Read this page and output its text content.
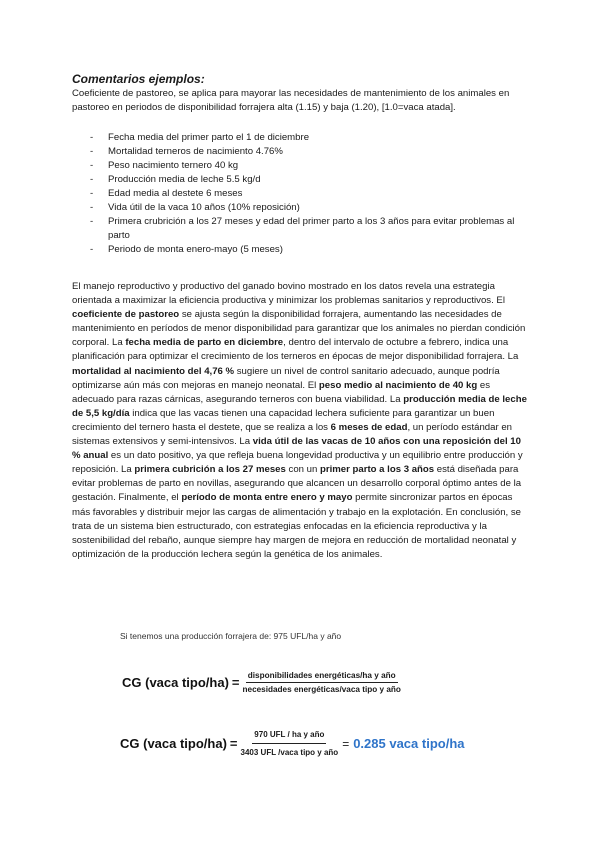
Comentarios ejemplos:
Coeficiente de pastoreo, se aplica para mayorar las necesidades de mantenimiento de los animales en pastoreo en periodos de disponibilidad forrajera alta (1.15) y baja (1.20), [1.0=vaca atada].
- Fecha media del primer parto el 1 de diciembre
- Mortalidad terneros de nacimiento 4.76%
- Peso nacimiento ternero 40 kg
- Producción media de leche 5.5 kg/d
- Edad media al destete 6 meses
- Vida útil de la vaca 10 años (10% reposición)
- Primera crubrición a los 27 meses y edad del primer parto a los 3 años para evitar problemas al parto
- Periodo de monta enero-mayo (5 meses)
El manejo reproductivo y productivo del ganado bovino mostrado en los datos revela una estrategia orientada a maximizar la eficiencia productiva y minimizar los problemas sanitarios y reproductivos. El coeficiente de pastoreo se ajusta según la disponibilidad forrajera, aumentando las necesidades de mantenimiento en períodos de menor disponibilidad para garantizar que los animales no pierdan condición corporal. La fecha media de parto en diciembre, dentro del intervalo de octubre a febrero, indica una planificación para optimizar el crecimiento de los terneros en épocas de mejor disponibilidad forrajera. La mortalidad al nacimiento del 4,76 % sugiere un nivel de control sanitario adecuado, aunque podría optimizarse aún más con mejoras en manejo neonatal. El peso medio al nacimiento de 40 kg es adecuado para razas cárnicas, asegurando terneros con buena viabilidad. La producción media de leche de 5,5 kg/día indica que las vacas tienen una capacidad lechera suficiente para garantizar un buen crecimiento del ternero hasta el destete, que se realiza a los 6 meses de edad, un período estándar en sistemas extensivos y semi-intensivos. La vida útil de las vacas de 10 años con una reposición del 10 % anual es un dato positivo, ya que refleja buena longevidad productiva y un equilibrio entre producción y reposición. La primera cubrición a los 27 meses con un primer parto a los 3 años está diseñada para evitar problemas de parto en novillas, asegurando que alcancen un desarrollo corporal óptimo antes de la gestación. Finalmente, el período de monta entre enero y mayo permite sincronizar partos en épocas más favorables y distribuir mejor las cargas de alimentación y trabajo en la explotación. En conclusión, se trata de un sistema bien estructurado, con estrategias enfocadas en la eficiencia reproductiva y la sostenibilidad del rebaño, aunque siempre hay margen de mejora en reducción de mortalidad neonatal y optimización de la producción lechera según la genética de los animales.
Si tenemos una producción forrajera de: 975 UFL/ha y año
CG (vaca tipo/ha) = $\frac{\text{disponibilidades energéticas/ha y año}}{\text{necesidades energéticas/vaca tipo y año}}$
CG (vaca tipo/ha) = $\frac{\text{970 UFL / ha y año}}{\text{3403 UFL /vaca tipo y año}} = 0.285$ vaca tipo/ha
